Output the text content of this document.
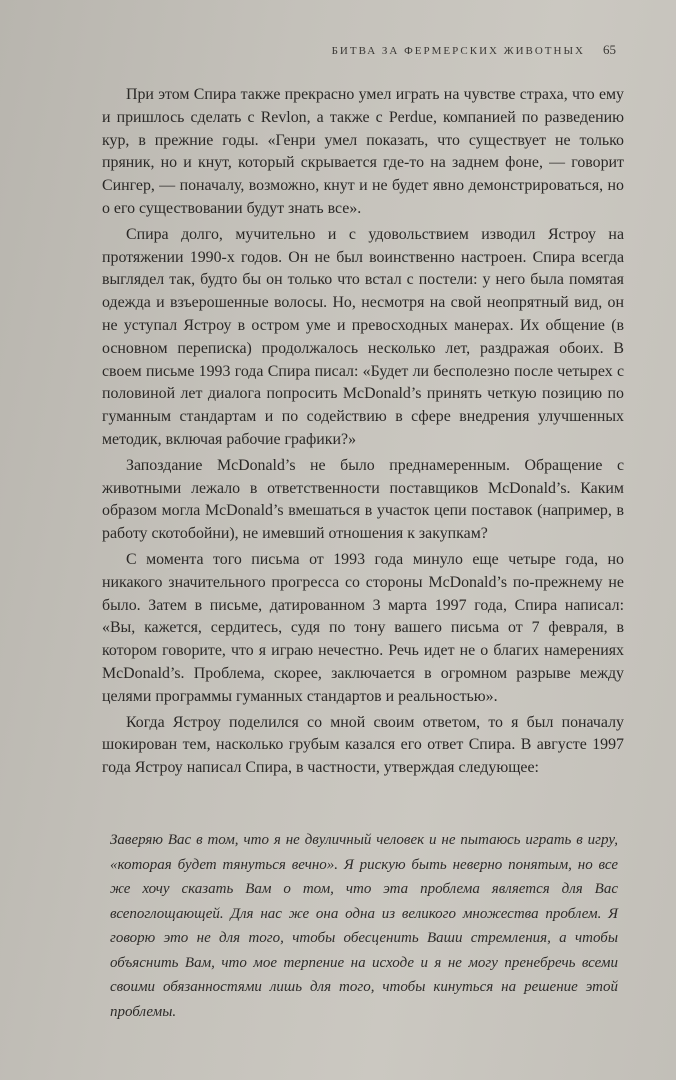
БИТВА ЗА ФЕРМЕРСКИХ ЖИВОТНЫХ 65

При этом Спира также прекрасно умел играть на чувстве страха, что ему и пришлось сделать с Revlon, а также с Perdue, компанией по разведению кур, в прежние годы. «Генри умел показать, что существует не только пряник, но и кнут, который скрывается где-то на заднем фоне, — говорит Сингер, — поначалу, возможно, кнут и не будет явно демонстрироваться, но о его существовании будут знать все».

Спира долго, мучительно и с удовольствием изводил Ястроу на протяжении 1990-х годов. Он не был воинственно настроен. Спира всегда выглядел так, будто бы он только что встал с постели: у него была помятая одежда и взъерошенные волосы. Но, несмотря на свой неопрятный вид, он не уступал Ястроу в остром уме и превосходных манерах. Их общение (в основном переписка) продолжалось несколько лет, раздражая обоих. В своем письме 1993 года Спира писал: «Будет ли бесполезно после четырех с половиной лет диалога попросить McDonald’s принять четкую позицию по гуманным стандартам и по содействию в сфере внедрения улучшенных методик, включая рабочие графики?»

Запоздание McDonald’s не было преднамеренным. Обращение с животными лежало в ответственности поставщиков McDonald’s. Каким образом могла McDonald’s вмешаться в участок цепи поставок (например, в работу скотобойни), не имевший отношения к закупкам?

С момента того письма от 1993 года минуло еще четыре года, но никакого значительного прогресса со стороны McDonald’s по-прежнему не было. Затем в письме, датированном 3 марта 1997 года, Спира написал: «Вы, кажется, сердитесь, судя по тону вашего письма от 7 февраля, в котором говорите, что я играю нечестно. Речь идет не о благих намерениях McDonald’s. Проблема, скорее, заключается в огромном разрыве между целями программы гуманных стандартов и реальностью».

Когда Ястроу поделился со мной своим ответом, то я был поначалу шокирован тем, насколько грубым казался его ответ Спира. В августе 1997 года Ястроу написал Спира, в частности, утверждая следующее:

Заверяю Вас в том, что я не двуличный человек и не пытаюсь играть в игру, «которая будет тянуться вечно». Я рискую быть неверно понятым, но все же хочу сказать Вам о том, что эта проблема является для Вас всепоглощающей. Для нас же она одна из великого множества проблем. Я говорю это не для того, чтобы обесценить Ваши стремления, а чтобы объяснить Вам, что мое терпение на исходе и я не могу пренебречь всеми своими обязанностями лишь для того, чтобы кинуться на решение этой проблемы.
